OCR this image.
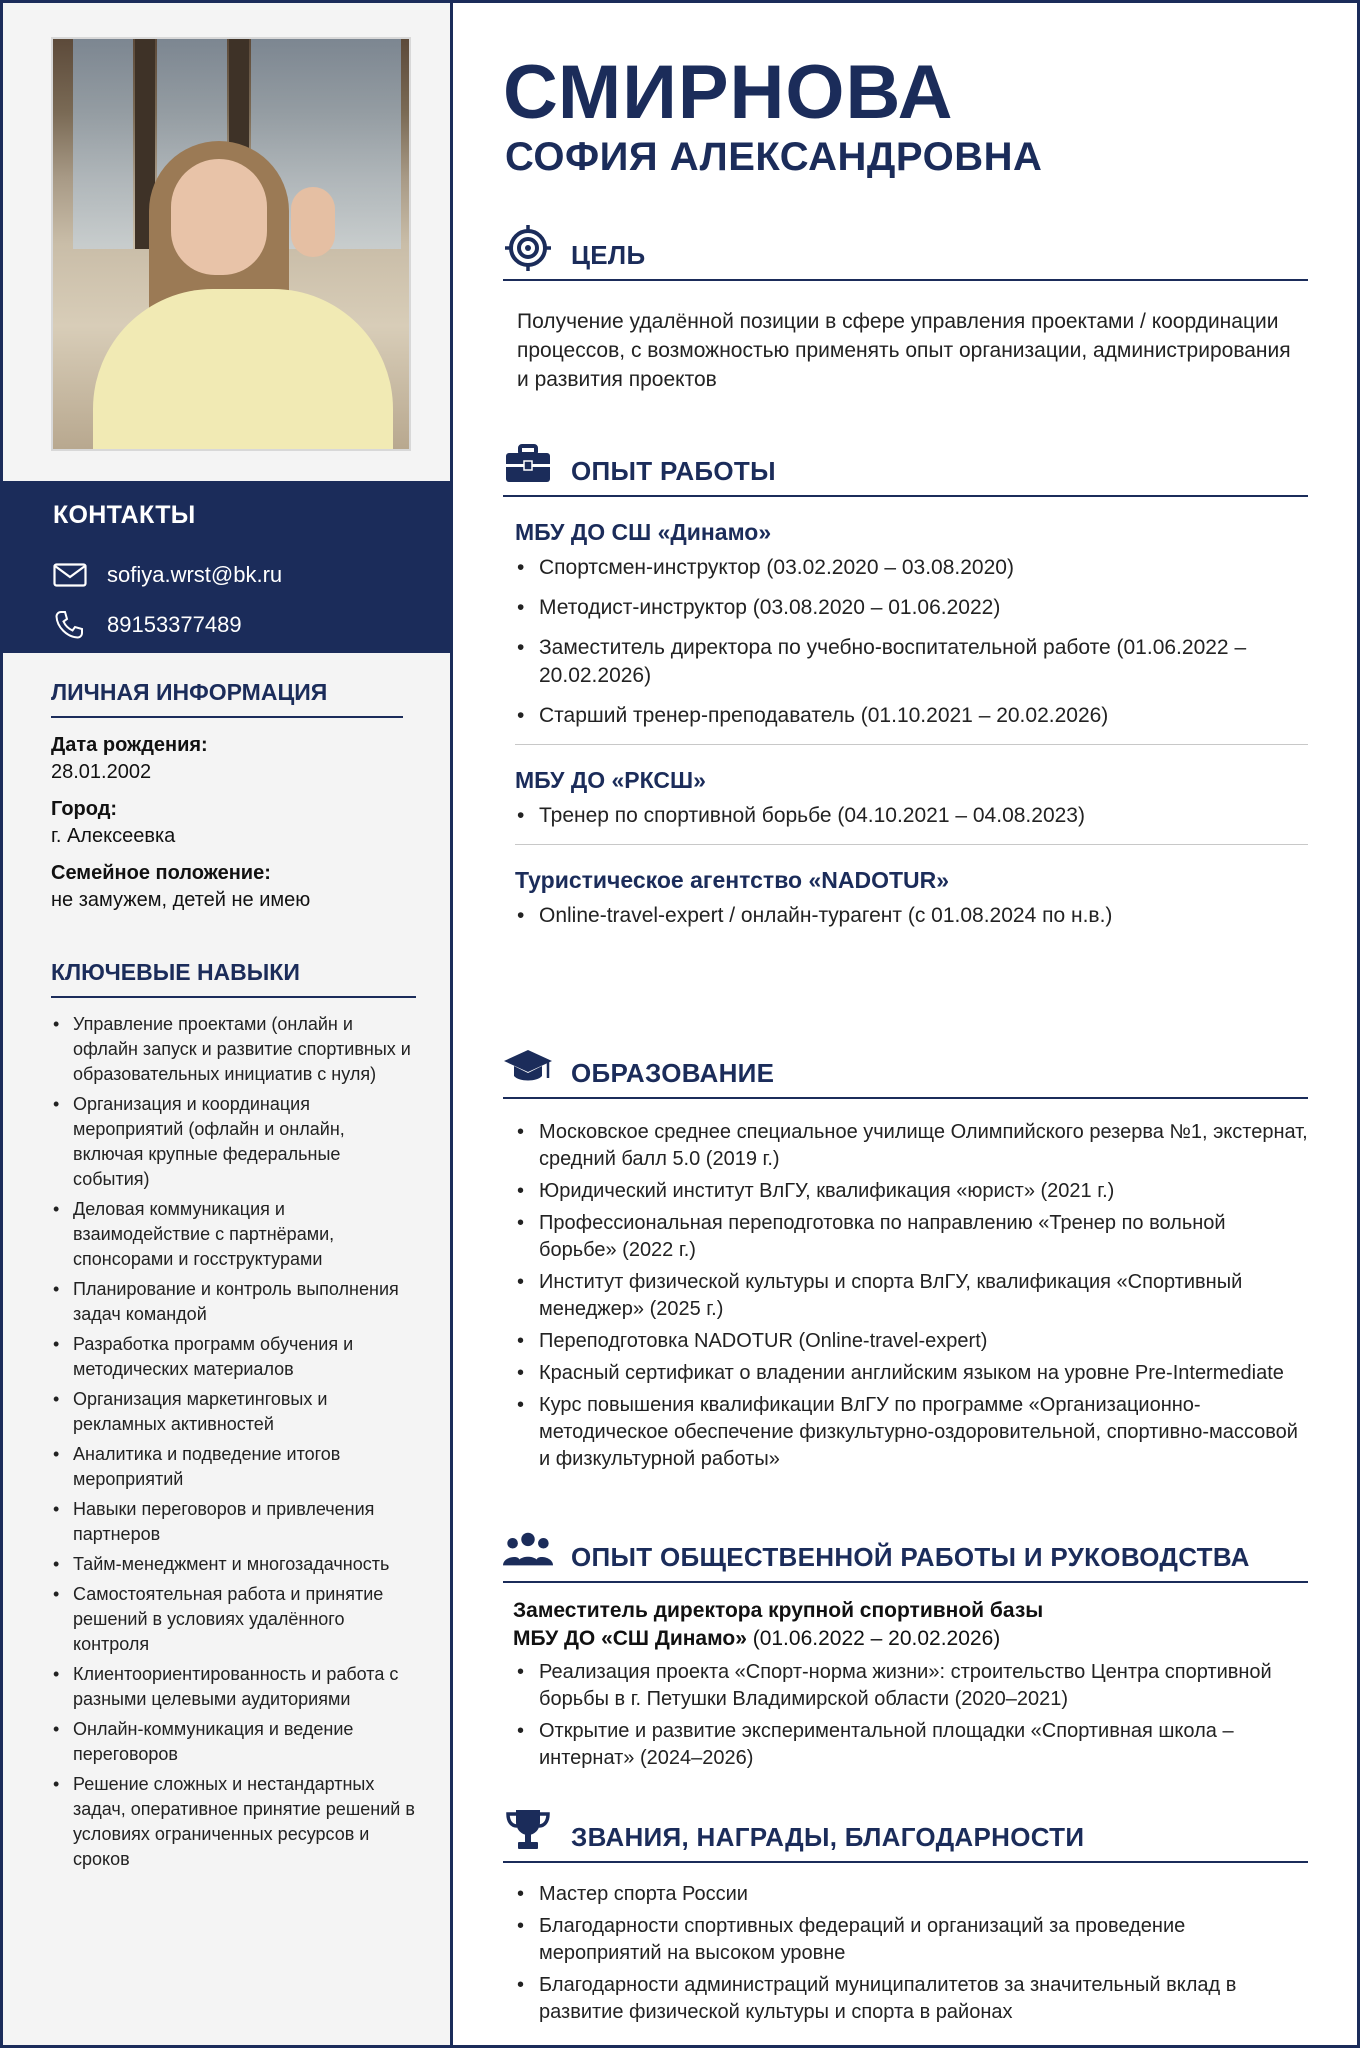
КОНТАКТЫ
sofiya.wrst@bk.ru
89153377489
ЛИЧНАЯ ИНФОРМАЦИЯ
Дата рождения:
28.01.2002
Город:
г. Алексеевка
Семейное положение:
не замужем, детей не имею
КЛЮЧЕВЫЕ НАВЫКИ
• Управление проектами (онлайн и офлайн запуск и развитие спортивных и образовательных инициатив с нуля)
• Организация и координация мероприятий (офлайн и онлайн, включая крупные федеральные события)
• Деловая коммуникация и взаимодействие с партнёрами, спонсорами и госструктурами
• Планирование и контроль выполнения задач командой
• Разработка программ обучения и методических материалов
• Организация маркетинговых и рекламных активностей
• Аналитика и подведение итогов мероприятий
• Навыки переговоров и привлечения партнеров
• Тайм-менеджмент и многозадачность
• Самостоятельная работа и принятие решений в условиях удалённого контроля
• Клиентоориентированность и работа с разными целевыми аудиториями
• Онлайн-коммуникация и ведение переговоров
• Решение сложных и нестандартных задач, оперативное принятие решений в условиях ограниченных ресурсов и сроков
СМИРНОВА
СОФИЯ АЛЕКСАНДРОВНА
ЦЕЛЬ

Получение удалённой позиции в сфере управления проектами / координации процессов, с возможностью применять опыт организации, администрирования и развития проектов

ОПЫТ РАБОТЫ
МБУ ДО СШ «Динамо»
• Спортсмен-инструктор (03.02.2020 – 03.08.2020)
• Методист-инструктор (03.08.2020 – 01.06.2022)
• Заместитель директора по учебно-воспитательной работе (01.06.2022 – 20.02.2026)
• Старший тренер-преподаватель (01.10.2021 – 20.02.2026)
МБУ ДО «РКСШ»
• Тренер по спортивной борьбе (04.10.2021 – 04.08.2023)
Туристическое агентство «NADOTUR»
• Online-travel-expert / онлайн-турагент (с 01.08.2024 по н.в.)
ОБРАЗОВАНИЕ
• Московское среднее специальное училище Олимпийского резерва №1, экстернат, средний балл 5.0 (2019 г.)
• Юридический институт ВлГУ, квалификация «юрист» (2021 г.)
• Профессиональная переподготовка по направлению «Тренер по вольной борьбе» (2022 г.)
• Институт физической культуры и спорта ВлГУ, квалификация «Спортивный менеджер» (2025 г.)
• Переподготовка NADOTUR (Online-travel-expert)
• Красный сертификат о владении английским языком на уровне Pre-Intermediate
• Курс повышения квалификации ВлГУ по программе «Организационно-методическое обеспечение физкультурно-оздоровительной, спортивно-массовой и физкультурной работы»
ОПЫТ ОБЩЕСТВЕННОЙ РАБОТЫ И РУКОВОДСТВА
Заместитель директора крупной спортивной базы
МБУ ДО «СШ Динамо» (01.06.2022 – 20.02.2026)
• Реализация проекта «Спорт-норма жизни»: строительство Центра спортивной борьбы в г. Петушки Владимирской области (2020–2021)
• Открытие и развитие экспериментальной площадки «Спортивная школа – интернат» (2024–2026)
ЗВАНИЯ, НАГРАДЫ, БЛАГОДАРНОСТИ
• Мастер спорта России
• Благодарности спортивных федераций и организаций за проведение мероприятий на высоком уровне
• Благодарности администраций муниципалитетов за значительный вклад в развитие физической культуры и спорта в районах
